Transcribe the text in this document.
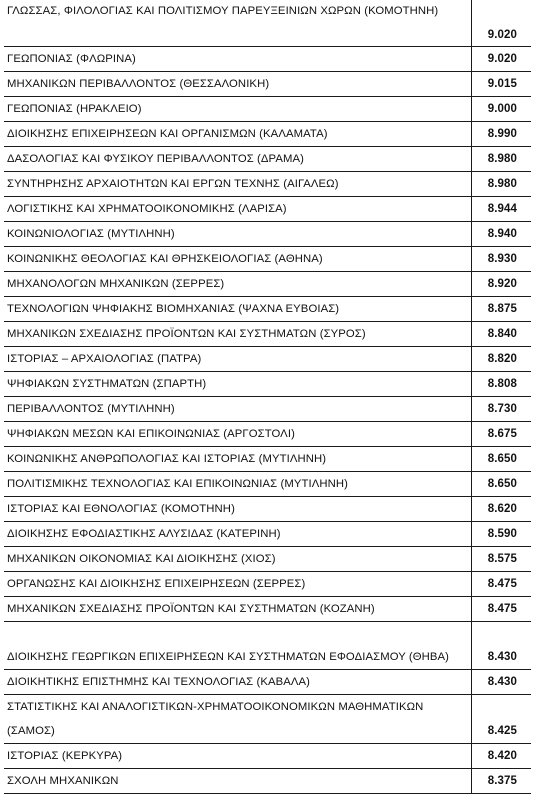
ΓΛΩΣΣΑΣ, ΦΙΛΟΛΟΓΙΑΣ ΚΑΙ ΠΟΛΙΤΙΣΜΟΥ ΠΑΡΕΥΞΕΙΝΙΩΝ ΧΩΡΩΝ (ΚΟΜΟΤΗΝΗ)	9.020
ΓΕΩΠΟΝΙΑΣ (ΦΛΩΡΙΝΑ)	9.020
ΜΗΧΑΝΙΚΩΝ ΠΕΡΙΒΑΛΛΟΝΤΟΣ (ΘΕΣΣΑΛΟΝΙΚΗ)	9.015
ΓΕΩΠΟΝΙΑΣ (ΗΡΑΚΛΕΙΟ)	9.000
ΔΙΟΙΚΗΣΗΣ ΕΠΙΧΕΙΡΗΣΕΩΝ ΚΑΙ ΟΡΓΑΝΙΣΜΩΝ (ΚΑΛΑΜΑΤΑ)	8.990
ΔΑΣΟΛΟΓΙΑΣ ΚΑΙ ΦΥΣΙΚΟΥ ΠΕΡΙΒΑΛΛΟΝΤΟΣ (ΔΡΑΜΑ)	8.980
ΣΥΝΤΗΡΗΣΗΣ ΑΡΧΑΙΟΤΗΤΩΝ ΚΑΙ ΕΡΓΩΝ ΤΕΧΝΗΣ (ΑΙΓΑΛΕΩ)	8.980
ΛΟΓΙΣΤΙΚΗΣ ΚΑΙ ΧΡΗΜΑΤΟΟΙΚΟΝΟΜΙΚΗΣ (ΛΑΡΙΣΑ)	8.944
ΚΟΙΝΩΝΙΟΛΟΓΙΑΣ (ΜΥΤΙΛΗΝΗ)	8.940
ΚΟΙΝΩΝΙΚΗΣ ΘΕΟΛΟΓΙΑΣ ΚΑΙ ΘΡΗΣΚΕΙΟΛΟΓΙΑΣ (ΑΘΗΝΑ)	8.930
ΜΗΧΑΝΟΛΟΓΩΝ ΜΗΧΑΝΙΚΩΝ (ΣΕΡΡΕΣ)	8.920
ΤΕΧΝΟΛΟΓΙΩΝ ΨΗΦΙΑΚΗΣ ΒΙΟΜΗΧΑΝΙΑΣ (ΨΑΧΝΑ ΕΥΒΟΙΑΣ)	8.875
ΜΗΧΑΝΙΚΩΝ ΣΧΕΔΙΑΣΗΣ ΠΡΟΪΟΝΤΩΝ ΚΑΙ ΣΥΣΤΗΜΑΤΩΝ (ΣΥΡΟΣ)	8.840
ΙΣΤΟΡΙΑΣ – ΑΡΧΑΙΟΛΟΓΙΑΣ (ΠΑΤΡΑ)	8.820
ΨΗΦΙΑΚΩΝ ΣΥΣΤΗΜΑΤΩΝ (ΣΠΑΡΤΗ)	8.808
ΠΕΡΙΒΑΛΛΟΝΤΟΣ (ΜΥΤΙΛΗΝΗ)	8.730
ΨΗΦΙΑΚΩΝ ΜΕΣΩΝ ΚΑΙ ΕΠΙΚΟΙΝΩΝΙΑΣ (ΑΡΓΟΣΤΟΛΙ)	8.675
ΚΟΙΝΩΝΙΚΗΣ ΑΝΘΡΩΠΟΛΟΓΙΑΣ ΚΑΙ ΙΣΤΟΡΙΑΣ (ΜΥΤΙΛΗΝΗ)	8.650
ΠΟΛΙΤΙΣΜΙΚΗΣ ΤΕΧΝΟΛΟΓΙΑΣ ΚΑΙ ΕΠΙΚΟΙΝΩΝΙΑΣ (ΜΥΤΙΛΗΝΗ)	8.650
ΙΣΤΟΡΙΑΣ ΚΑΙ ΕΘΝΟΛΟΓΙΑΣ (ΚΟΜΟΤΗΝΗ)	8.620
ΔΙΟΙΚΗΣΗΣ ΕΦΟΔΙΑΣΤΙΚΗΣ ΑΛΥΣΙΔΑΣ (ΚΑΤΕΡΙΝΗ)	8.590
ΜΗΧΑΝΙΚΩΝ ΟΙΚΟΝΟΜΙΑΣ ΚΑΙ ΔΙΟΙΚΗΣΗΣ (ΧΙΟΣ)	8.575
ΟΡΓΑΝΩΣΗΣ ΚΑΙ ΔΙΟΙΚΗΣΗΣ ΕΠΙΧΕΙΡΗΣΕΩΝ (ΣΕΡΡΕΣ)	8.475
ΜΗΧΑΝΙΚΩΝ ΣΧΕΔΙΑΣΗΣ ΠΡΟΪΟΝΤΩΝ ΚΑΙ ΣΥΣΤΗΜΑΤΩΝ (ΚΟΖΑΝΗ)	8.475
ΔΙΟΙΚΗΣΗΣ ΓΕΩΡΓΙΚΩΝ ΕΠΙΧΕΙΡΗΣΕΩΝ ΚΑΙ ΣΥΣΤΗΜΑΤΩΝ ΕΦΟΔΙΑΣΜΟΥ (ΘΗΒΑ)	8.430
ΔΙΟΙΚΗΤΙΚΗΣ ΕΠΙΣΤΗΜΗΣ ΚΑΙ ΤΕΧΝΟΛΟΓΙΑΣ (ΚΑΒΑΛΑ)	8.430
ΣΤΑΤΙΣΤΙΚΗΣ ΚΑΙ ΑΝΑΛΟΓΙΣΤΙΚΩΝ-ΧΡΗΜΑΤΟΟΙΚΟΝΟΜΙΚΩΝ ΜΑΘΗΜΑΤΙΚΩΝ (ΣΑΜΟΣ)	8.425
ΙΣΤΟΡΙΑΣ (ΚΕΡΚΥΡΑ)	8.420
ΣΧΟΛΗ ΜΗΧΑΝΙΚΩΝ	8.375
